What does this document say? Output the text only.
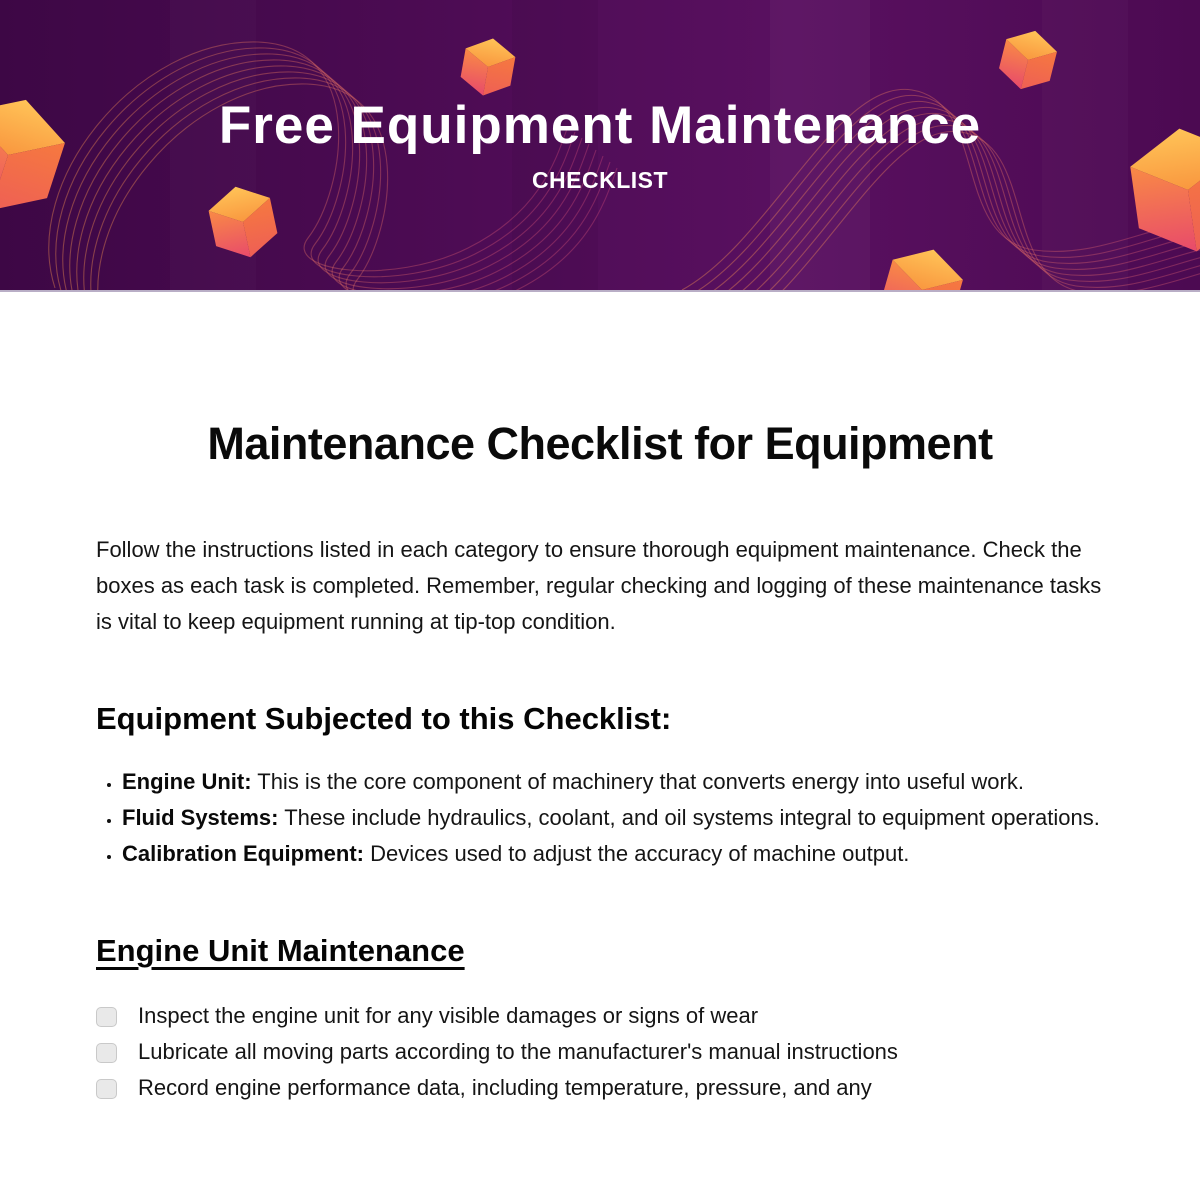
Free Equipment Maintenance
CHECKLIST
Maintenance Checklist for Equipment

Follow the instructions listed in each category to ensure thorough equipment maintenance. Check the boxes as each task is completed. Remember, regular checking and logging of these maintenance tasks is vital to keep equipment running at tip-top condition.

Equipment Subjected to this Checklist:
• Engine Unit: This is the core component of machinery that converts energy into useful work.
• Fluid Systems: These include hydraulics, coolant, and oil systems integral to equipment operations.
• Calibration Equipment: Devices used to adjust the accuracy of machine output.
Engine Unit Maintenance
Inspect the engine unit for any visible damages or signs of wear
Lubricate all moving parts according to the manufacturer's manual instructions
Record engine performance data, including temperature, pressure, and any
